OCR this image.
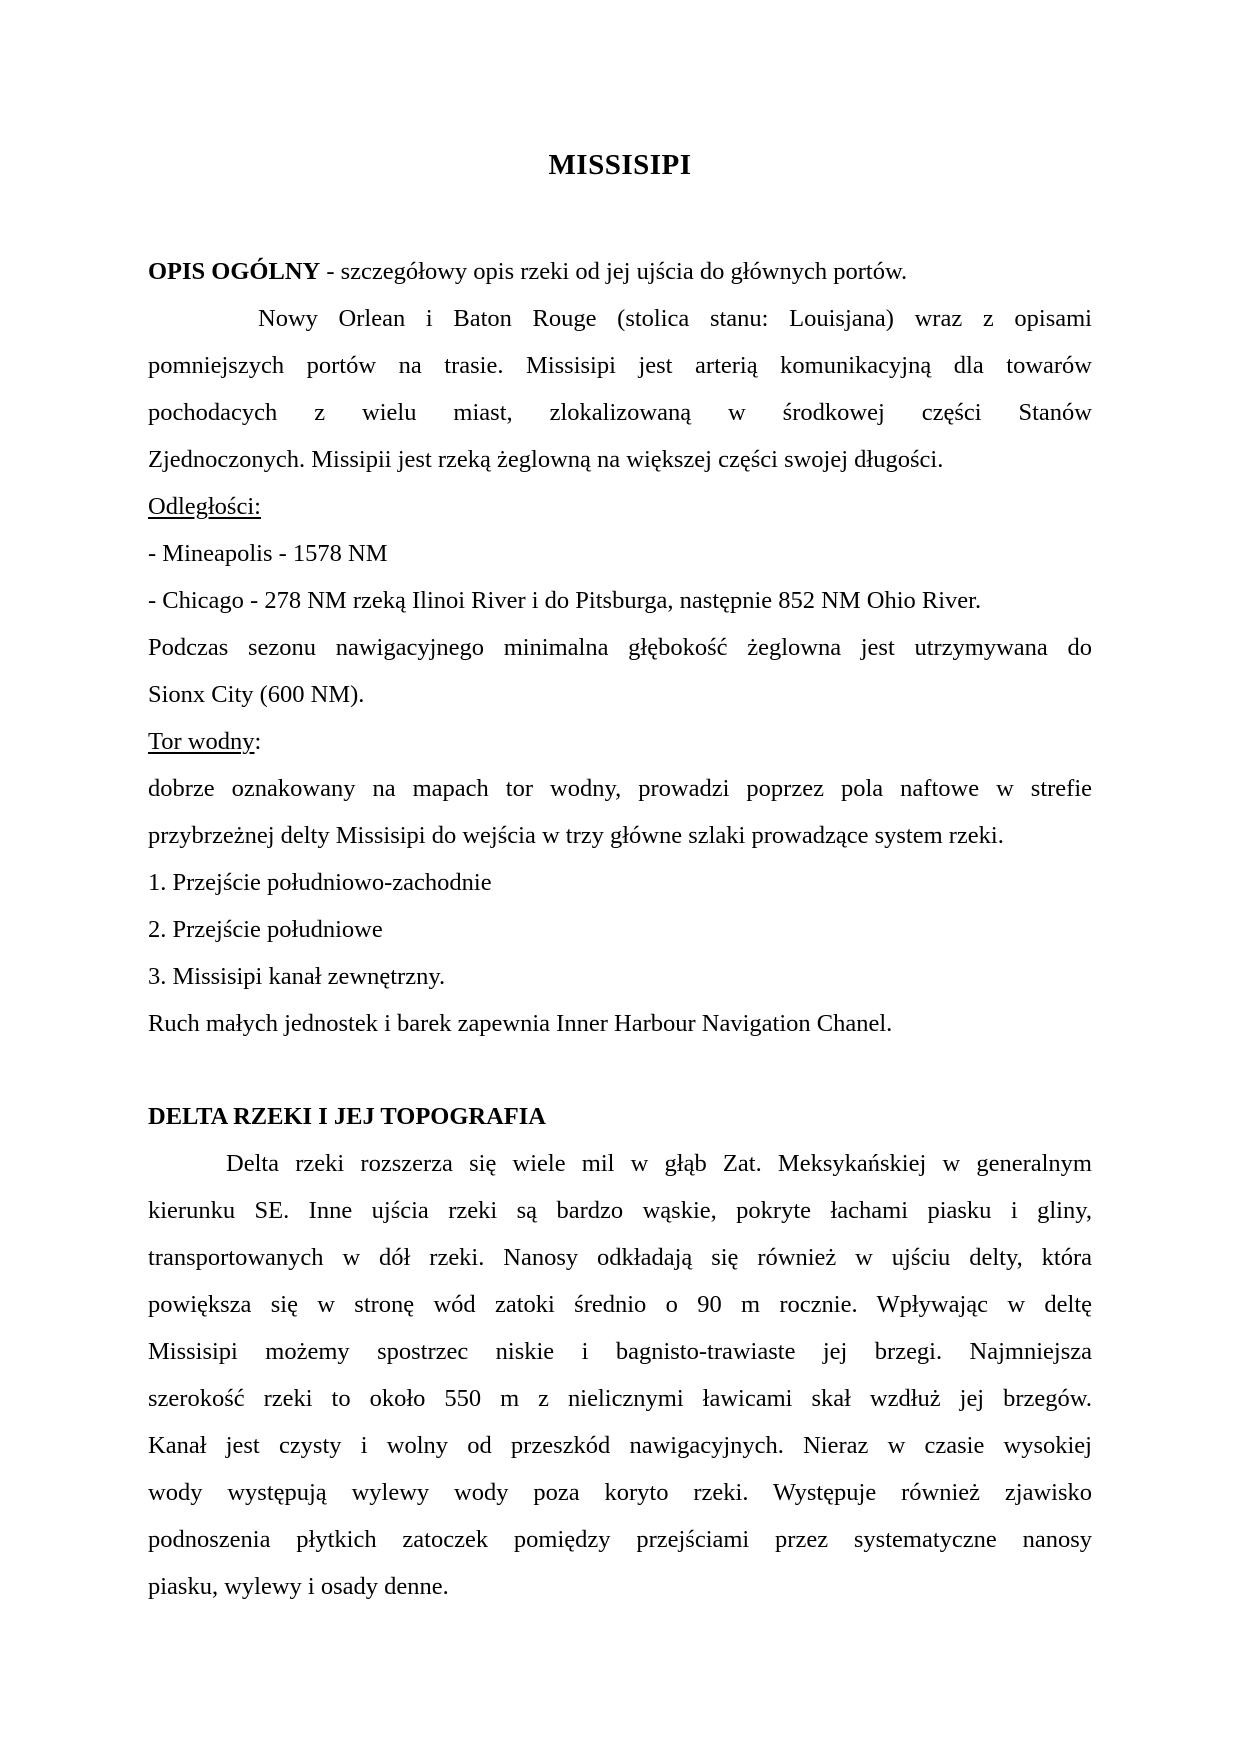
MISSISIPI
OPIS OGÓLNY - szczegółowy opis rzeki od jej ujścia do głównych portów.
Nowy Orlean i Baton Rouge (stolica stanu: Louisjana) wraz z opisami
pomniejszych portów na trasie. Missisipi jest arterią komunikacyjną dla towarów
pochodacych z wielu miast, zlokalizowaną w środkowej części Stanów
Zjednoczonych. Missipii jest rzeką żeglowną na większej części swojej długości.
Odległości:
- Mineapolis - 1578 NM
- Chicago - 278 NM rzeką Ilinoi River i do Pitsburga, następnie 852 NM Ohio River.
Podczas sezonu nawigacyjnego minimalna głębokość żeglowna jest utrzymywana do
Sionx City (600 NM).
Tor wodny:
dobrze oznakowany na mapach tor wodny, prowadzi poprzez pola naftowe w strefie
przybrzeżnej delty Missisipi do wejścia w trzy główne szlaki prowadzące system rzeki.
1. Przejście południowo-zachodnie
2. Przejście południowe
3. Missisipi kanał zewnętrzny.
Ruch małych jednostek i barek zapewnia Inner Harbour Navigation Chanel.
DELTA RZEKI I JEJ TOPOGRAFIA
Delta rzeki rozszerza się wiele mil w głąb Zat. Meksykańskiej w generalnym
kierunku SE. Inne ujścia rzeki są bardzo wąskie, pokryte łachami piasku i gliny,
transportowanych w dół rzeki. Nanosy odkładają się również w ujściu delty, która
powiększa się w stronę wód zatoki średnio o 90 m rocznie. Wpływając w deltę
Missisipi możemy spostrzec niskie i bagnisto-trawiaste jej brzegi. Najmniejsza
szerokość rzeki to około 550 m z nielicznymi ławicami skał wzdłuż jej brzegów.
Kanał jest czysty i wolny od przeszkód nawigacyjnych. Nieraz w czasie wysokiej
wody występują wylewy wody poza koryto rzeki. Występuje również zjawisko
podnoszenia płytkich zatoczek pomiędzy przejściami przez systematyczne nanosy
piasku, wylewy i osady denne.
